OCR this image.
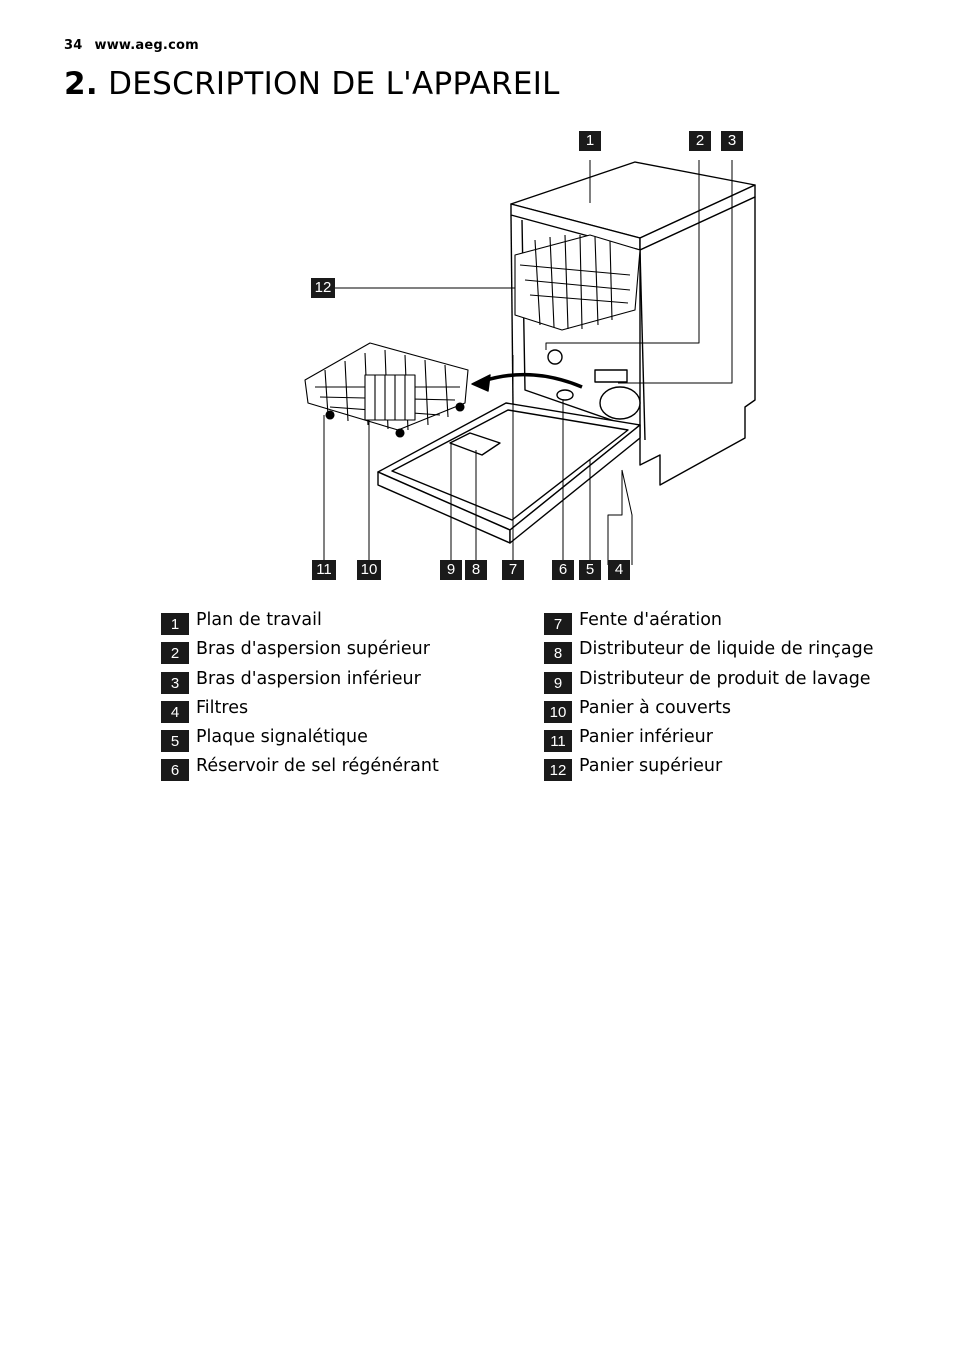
34 www.aeg.com
2. DESCRIPTION DE L'APPAREIL
1	2	3
4
5
6
7
8
9
10
11
12
1 Plan de travail
2 Bras d'aspersion supérieur
3 Bras d'aspersion inférieur
4 Filtres
5 Plaque signalétique
6 Réservoir de sel régénérant
7 Fente d'aération
8 Distributeur de liquide de rinçage
9 Distributeur de produit de lavage
10 Panier à couverts
11 Panier inférieur
12 Panier supérieur
